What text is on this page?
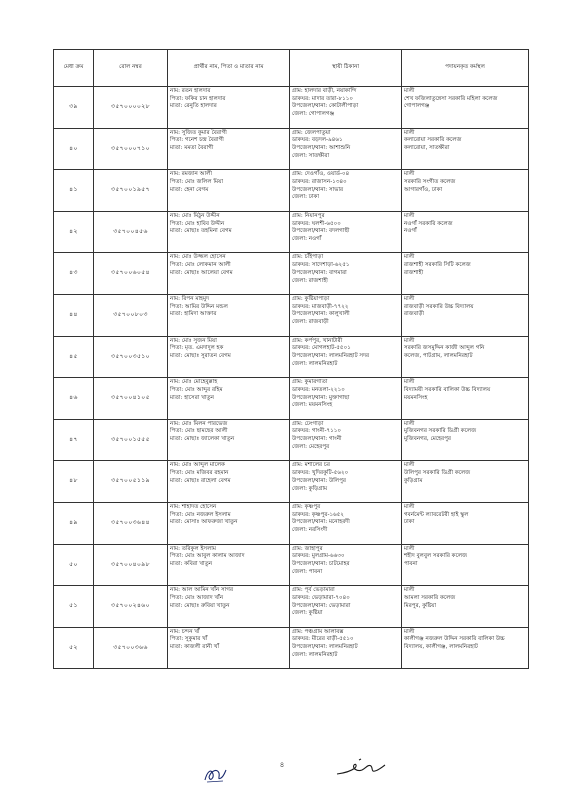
মেধা ক্রম	রোল নম্বর	প্রার্থীর নাম, পিতা ও মাতার নাম	স্থায়ী ঠিকানা	পদায়নকৃত কর্মস্থল
৩৯	৩৫৭০০০০২৮	নাম: রতন হালদার
পিতা: ফকির চান হালদার
মাতা: রেনুতি হালদার	গ্রাম: হালদার বাড়ী, নয়াকান্দি
ডাকঘর: মাদার তারা-৮১১০
উপজেলা/থানা: কোটালীপাড়া
জেলা: গোপালগঞ্জ	মালী
শেখ ফজিলাতুন্নেসা সরকারি মহিলা কলেজ
গোপালগঞ্জ

৪০	৩৫৭০০০৭১০	নাম: সুজিত কুমার বৈরাগী
পিতা: গনেশ চন্দ্র বৈরাগী
মাতা: মমতা বৈরাগী	গ্রাম: জেলপাতুয়া
ডাকঘর: বড়দল-৯৪৬১
উপজেলা/থানা: আশাশুনি
জেলা: সাতক্ষীরা	মালী
কলারোয়া সরকারি কলেজ
কলারোয়া, সাতক্ষীরা

৪১	৩৫৭০০১৯৫৭	নাম: রমজান আলী
পিতা: মোঃ জলিল মিয়া
মাতা: হেনা বেগম	গ্রাম: দেওগাঁও, ওয়ার্ড-০৪
ডাকঘর: রাজাসন-১৩৪০
উপজেলা/থানা: সাভার
জেলা: ঢাকা	মালী
সরকারি সংগীত কলেজ
আগারগাঁও, ঢাকা

৪২	৩৫৭০০৪৫৬	নাম: মোঃ মিঠুন উদ্দীন
পিতা: মোঃ হাবিব উদ্দীন
মাতা: মোছাঃ তহমিনা বেগম	গ্রাম: নিয়ানপুর
ডাকঘর: ঘলশী-৬৫০০
উপজেলা/থানা: বদলগাছী
জেলা: নওগাঁ	মালী
নওগাঁ সরকারি কলেজ
নওগাঁ

৪৩	৩৫৭০০৬০৫৪	নাম: মোঃ উজ্জল হোসেন
পিতা: মোঃ লোকমান আলী
মাতা: মোছাঃ আলেয়া বেগম	গ্রাম: চাঁইপাড়া
ডাকঘর: সাদেশাড়া-৬২৫১
উপজেলা/থানা: বাগমারা
জেলা: রাজশাহী	মালী
রাজশাহী সরকারি সিটি কলেজ
রাজশাহী

৪৪	৩৫৭০০৮০৩	নাম: রিপন মাহমুদ
পিতা: আমির উদ্দিন মন্ডল
মাতা: হামিদা আক্তার	গ্রাম: কুষ্টিয়াপাড়া
ডাকঘর: মাজবাড়ী-৭৭২২
উপজেলা/থানা: কালুখালী
জেলা: রাজবাড়ী	মালী
রাজবাড়ী সরকারি উচ্চ বিদ্যালয়
রাজবাড়ী

৪৫	৩৫৭০০৩৫১০	নাম: মোঃ সুজন মিয়া
পিতা: মৃত. এমদাদুল হক
মাতা: মোছাঃ সুরাতন বেগম	গ্রাম: কর্পপুর, খানাটারী
ডাকঘর: মোগলহাট-৫৫০১
উপজেলা/থানা: লালমনিরহাট সদর
জেলা: লালমনিরহাট	মালী
সরকারি জসমুদ্দিন কাজী আব্দুল গনি
কলেজ, পাটগ্রাম, লালমনিরহাট

৪৬	৩৫৭০০৪১০৫	নাম: মোঃ মোহেবুল্লাহ
পিতা: মোঃ আব্দুর রহিম
মাতা: হাসেরা খাতুন	গ্রাম: কুমারগাতা
ডাকঘর: মনতলা-২২১০
উপজেলা/থানা: মুক্তাগাছা
জেলা: ময়মনসিংহ	মালী
বিদ্যাময়ী সরকারি বালিকা উচ্চ বিদ্যালয়
ময়মনসিংহ

৪৭	৩৫৭০০১৫৫৫	নাম: মোঃ মিলন পারভেজ
পিতা: মোঃ ছামছের আলী
মাতা: মোছাঃ জালেকা খাতুন	গ্রাম: ঢেংগাড়া
ডাকঘর: গাংনী-৭১১০
উপজেলা/থানা: গাংনী
জেলা: মেহেরপুর	মালী
মুজিবনগর সরকারি ডিগ্রী কলেজ
মুজিবনগর, মেহেরপুর

৪৮	৩৫৭০০৫১১৯	নাম: মোঃ আব্দুল মালেক
পিতা: মোঃ মজিবর রহমান
মাতা: মোছাঃ রাহেলা বেগম	গ্রাম: মশালের চর
ডাকঘর: খুদিরকুটি-৫৬২০
উপজেলা/থানা: উলিপুর
জেলা: কুড়িগ্রাম	মালী
উলিপুর সরকারি ডিগ্রী কলেজ
কুড়িগ্রাম

৪৯	৩৫৭০০৩৬৪৪	নাম: শাহাদত হোসেন
পিতা: মোঃ নজরুল ইসলাম
মাতা: মোসাঃ আফরুজা খাতুন	গ্রাম: কৃষ্ণপুর
ডাকঘর: কৃষ্ণপুর-১৬৫২
উপজেলা/থানা: মনোহরদী
জেলা: নরসিংদী	মালী
গবর্নমেন্ট ল্যাবরেটরী হাই স্কুল
ঢাকা

৫০	৩৫৭০০৪০৯৮	নাম: তরিকুল ইসলাম
পিতা: মোঃ আবুল কালাম আজাদ
মাতা: কবিরা খাতুন	গ্রাম: জাহাপুর
ডাকঘর: মুলগ্রাম-৬৬৩০
উপজেলা/থানা: চাটমোহর
জেলা: পাবনা	মালী
শহীদ বুলবুল সরকারি কলেজ
পাবনা

৫১	৩৫৭০০২৪৬০	নাম: আল আমিন খাঁন সাগর
পিতা: মোঃ আজাদ খাঁন
মাতা: মোছাঃ রুবিয়া খাতুন	গ্রাম: পূর্ব ভেড়ামারা
ডাকঘর: ভেড়ামারা-৭০৪০
উপজেলা/থানা: ভেড়ামারা
জেলা: কুষ্টিয়া	মালী
আমলা সরকারি কলেজ
মিরপুর, কুষ্টিয়া

৫২	৩৫৭০০৩৬৬	নাম: চন্দন খাঁ
পিতা: সুকুমার খাঁ
মাতা: কাজলী রানী খাঁ	গ্রাম: পঞ্চগ্রাম আলাবক্স
ডাকঘর: মীরের বাড়ী-৫৫১০
উপজেলা/থানা: লালমনিরহাট
জেলা: লালমনিরহাট	মালী
কালীগঞ্জ নজরুল উদ্দিন সরকারি বালিকা উচ্চ
বিদ্যালয়, কালীগঞ্জ, লালমনিরহাট
৪
